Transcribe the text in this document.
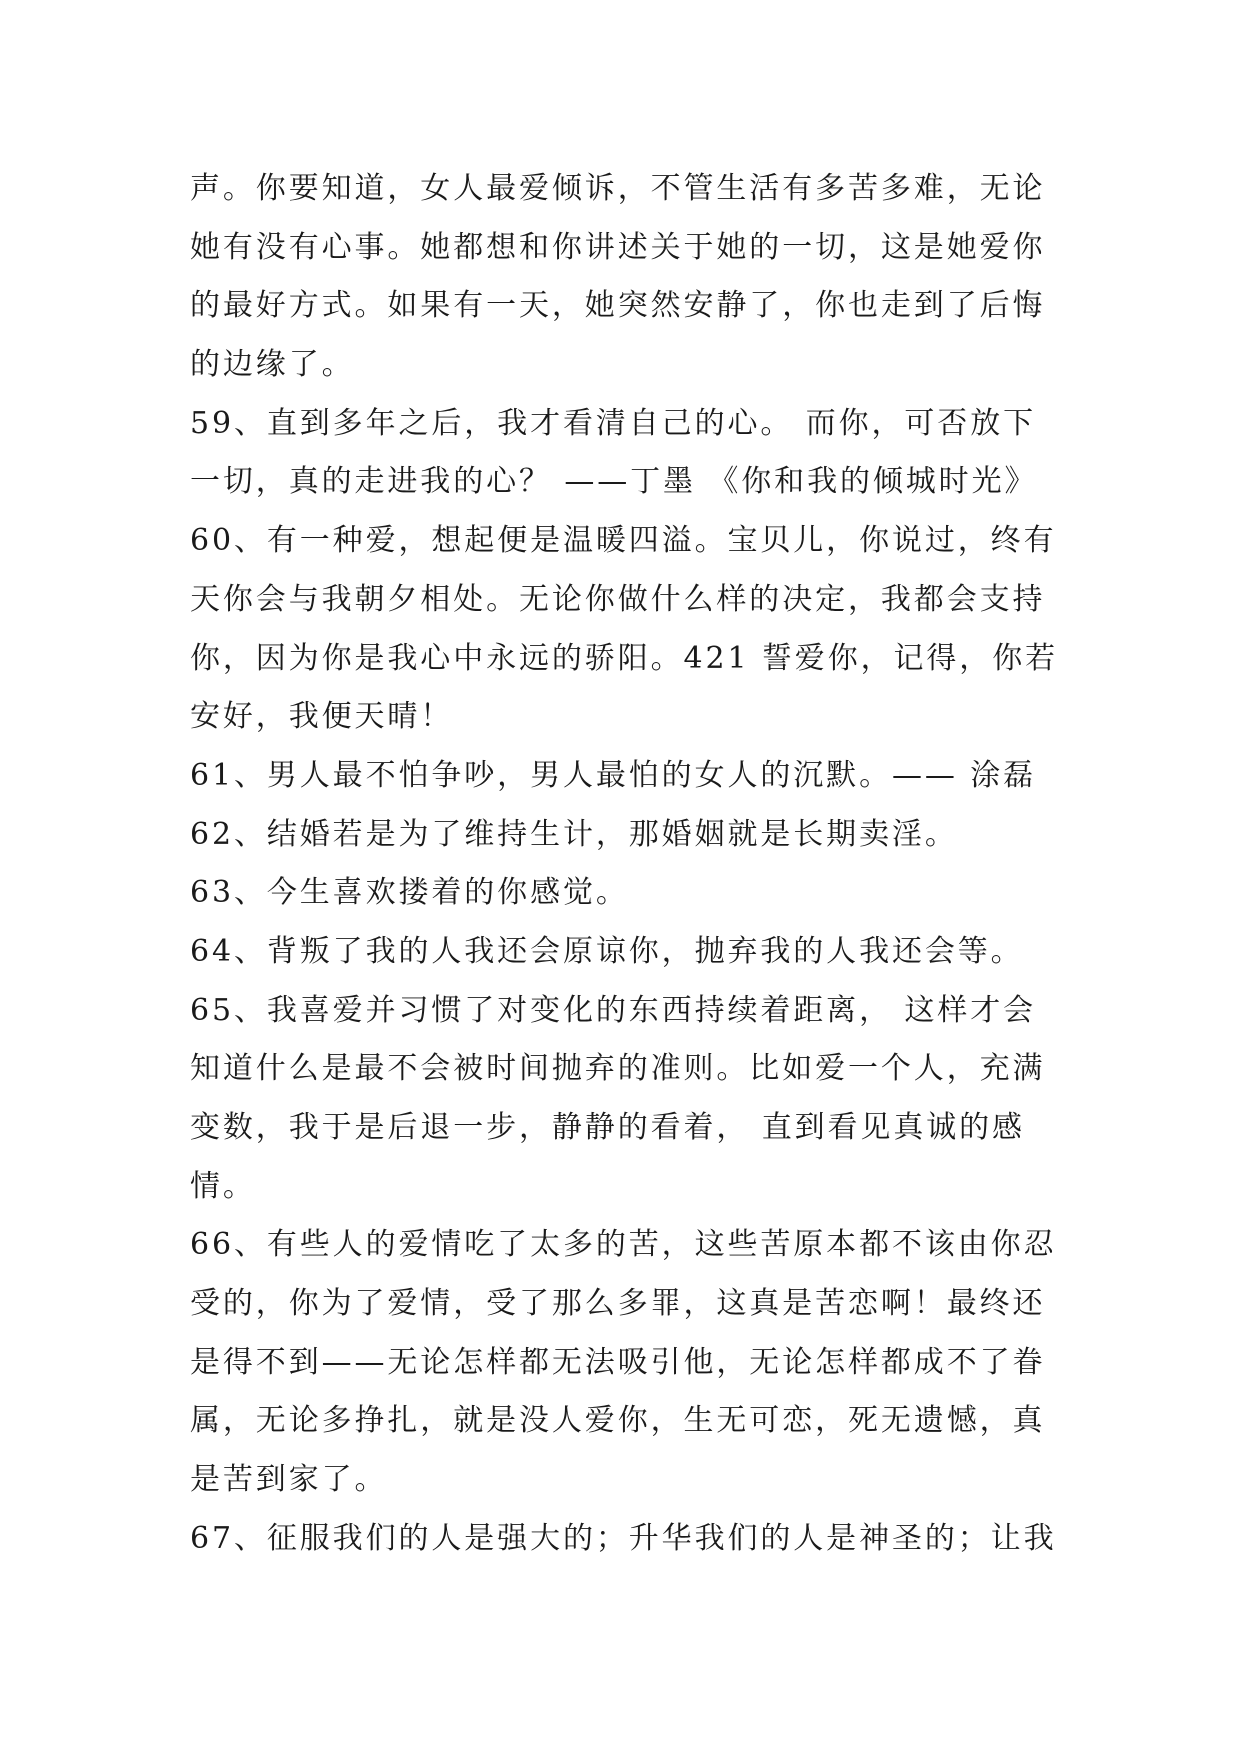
声。你要知道，女人最爱倾诉，不管生活有多苦多难，无论
她有没有心事。她都想和你讲述关于她的一切，这是她爱你
的最好方式。如果有一天，她突然安静了，你也走到了后悔
的边缘了。
59、直到多年之后，我才看清自己的心。 而你，可否放下
一切，真的走进我的心？ ——丁墨 《你和我的倾城时光》
60、有一种爱，想起便是温暖四溢。宝贝儿，你说过，终有
天你会与我朝夕相处。无论你做什么样的决定，我都会支持
你，因为你是我心中永远的骄阳。421 誓爱你，记得，你若
安好，我便天晴！
61、男人最不怕争吵，男人最怕的女人的沉默。—— 涂磊
62、结婚若是为了维持生计，那婚姻就是长期卖淫。
63、今生喜欢搂着的你感觉。
64、背叛了我的人我还会原谅你，抛弃我的人我还会等。
65、我喜爱并习惯了对变化的东西持续着距离， 这样才会
知道什么是最不会被时间抛弃的准则。比如爱一个人，充满
变数，我于是后退一步，静静的看着， 直到看见真诚的感
情。
66、有些人的爱情吃了太多的苦，这些苦原本都不该由你忍
受的，你为了爱情，受了那么多罪，这真是苦恋啊！最终还
是得不到——无论怎样都无法吸引他，无论怎样都成不了眷
属，无论多挣扎，就是没人爱你，生无可恋，死无遗憾，真
是苦到家了。
67、征服我们的人是强大的；升华我们的人是神圣的；让我
